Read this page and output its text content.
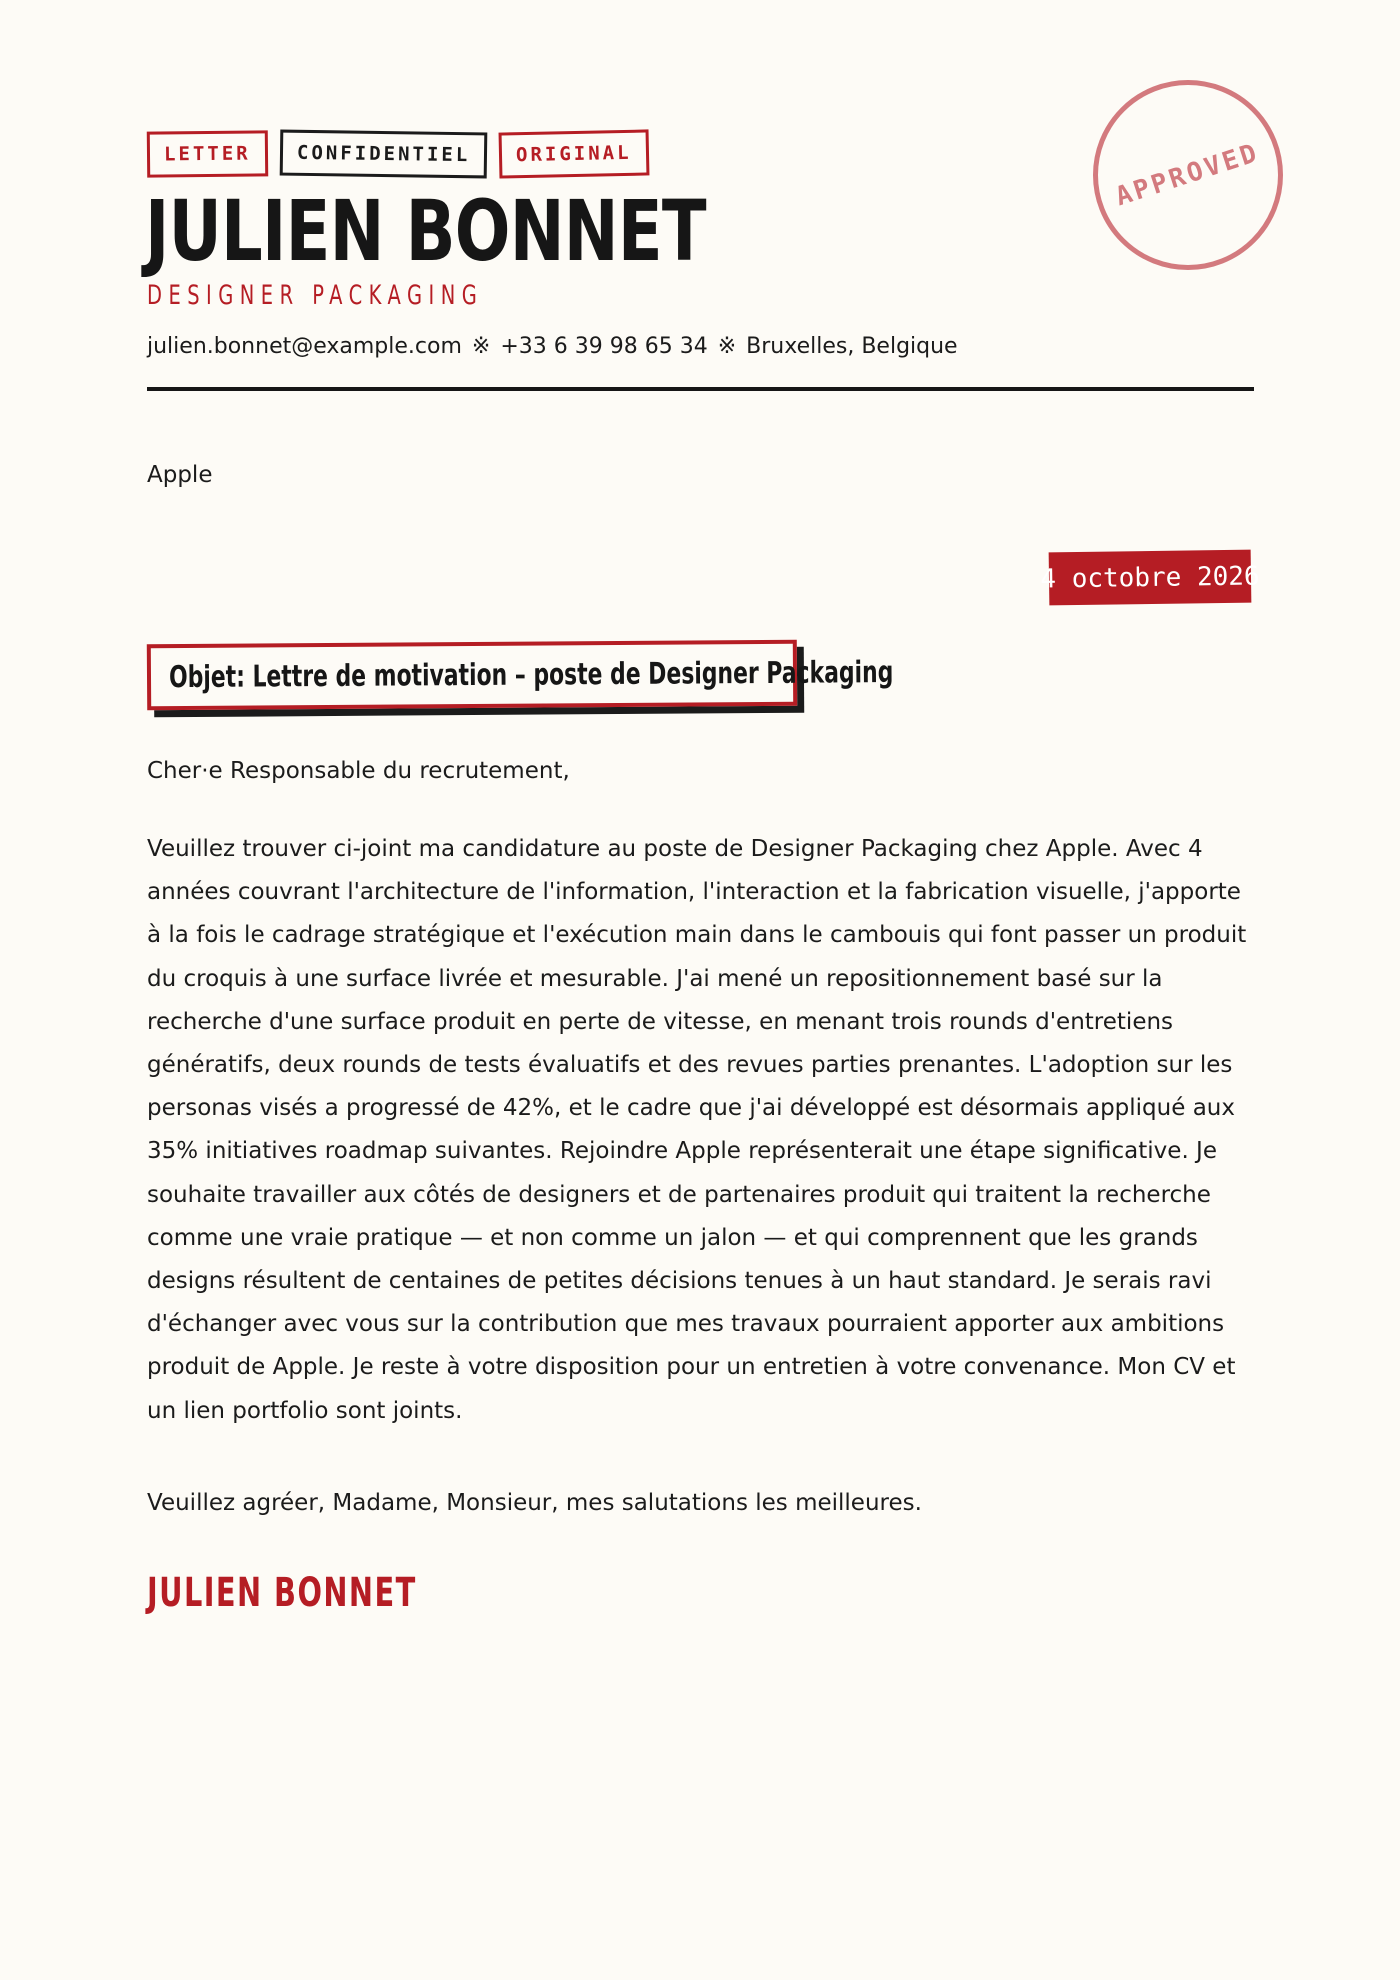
LETTER	CONFIDENTIEL	ORIGINAL
JULIEN BONNET
DESIGNER PACKAGING
julien.bonnet@example.com ※ +33 6 39 98 65 34 ※ Bruxelles, Belgique
APPROVED
Apple
4 octobre 2026
Objet: Lettre de motivation – poste de Designer Packaging
Cher·e Responsable du recrutement,

Veuillez trouver ci-joint ma candidature au poste de Designer Packaging chez Apple. Avec 4 années couvrant l'architecture de l'information, l'interaction et la fabrication visuelle, j'apporte à la fois le cadrage stratégique et l'exécution main dans le cambouis qui font passer un produit du croquis à une surface livrée et mesurable. J'ai mené un repositionnement basé sur la recherche d'une surface produit en perte de vitesse, en menant trois rounds d'entretiens génératifs, deux rounds de tests évaluatifs et des revues parties prenantes. L'adoption sur les personas visés a progressé de 42%, et le cadre que j'ai développé est désormais appliqué aux 35% initiatives roadmap suivantes. Rejoindre Apple représenterait une étape significative. Je souhaite travailler aux côtés de designers et de partenaires produit qui traitent la recherche comme une vraie pratique — et non comme un jalon — et qui comprennent que les grands designs résultent de centaines de petites décisions tenues à un haut standard. Je serais ravi d'échanger avec vous sur la contribution que mes travaux pourraient apporter aux ambitions produit de Apple. Je reste à votre disposition pour un entretien à votre convenance. Mon CV et un lien portfolio sont joints.

Veuillez agréer, Madame, Monsieur, mes salutations les meilleures.
JULIEN BONNET
